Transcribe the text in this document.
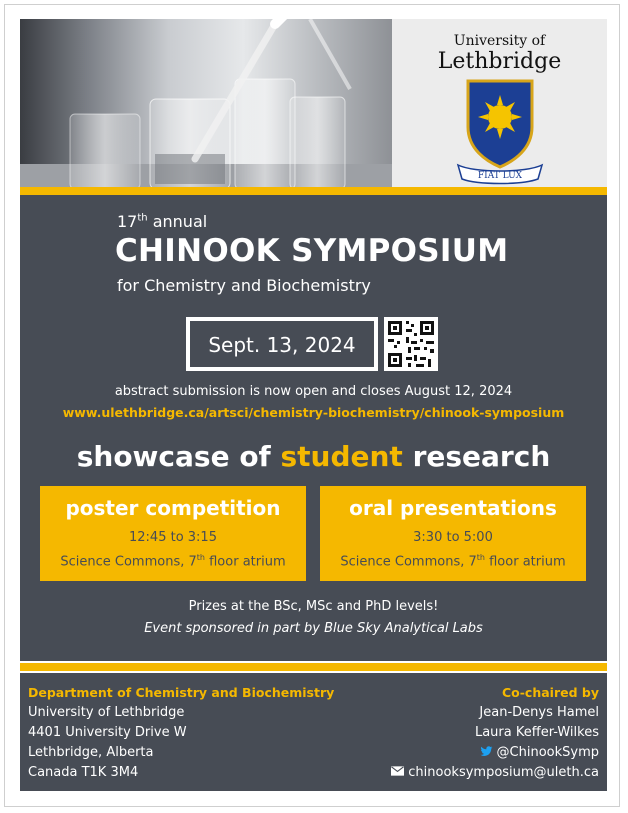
University of
Lethbridge
FIAT LUX
17th annual
CHINOOK SYMPOSIUM
for Chemistry and Biochemistry
Sept. 13, 2024
abstract submission is now open and closes August 12, 2024
www.ulethbridge.ca/artsci/chemistry-biochemistry/chinook-symposium
showcase of student research
poster competition
12:45 to 3:15
Science Commons, 7th floor atrium
oral presentations
3:30 to 5:00
Science Commons, 7th floor atrium
Prizes at the BSc, MSc and PhD levels!
Event sponsored in part by Blue Sky Analytical Labs
Department of Chemistry and Biochemistry
University of Lethbridge
4401 University Drive W
Lethbridge, Alberta
Canada T1K 3M4
Co-chaired by
Jean-Denys Hamel
Laura Keffer-Wilkes
@ChinookSymp
chinooksymposium@uleth.ca
